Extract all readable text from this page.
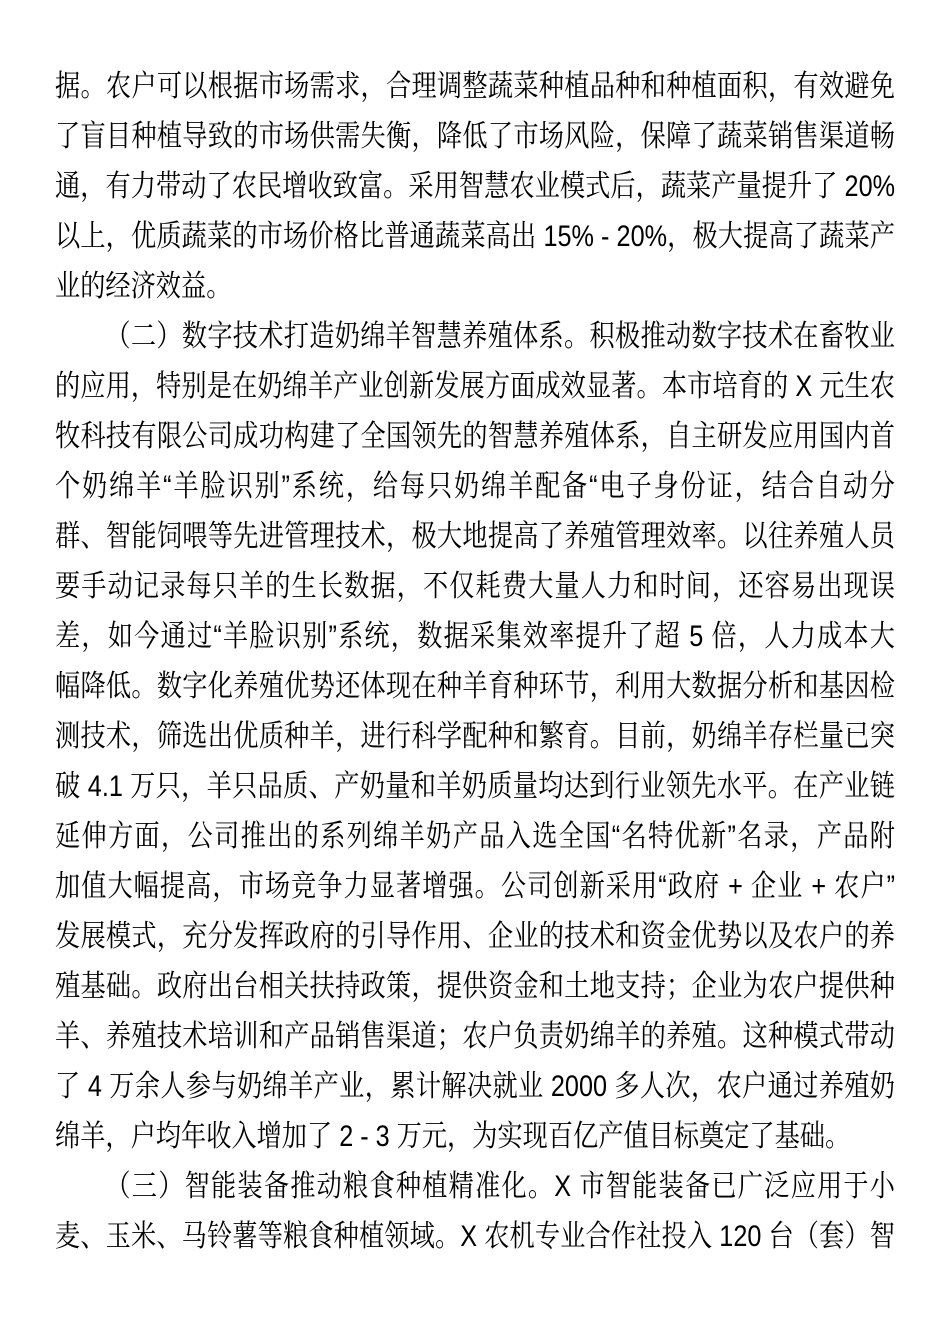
据。农户可以根据市场需求，合理调整蔬菜种植品种和种植面积，有效避免
了盲目种植导致的市场供需失衡，降低了市场风险，保障了蔬菜销售渠道畅
通，有力带动了农民增收致富。采用智慧农业模式后，蔬菜产量提升了 20%
以上，优质蔬菜的市场价格比普通蔬菜高出 15% - 20%，极大提高了蔬菜产
业的经济效益。
（二）数字技术打造奶绵羊智慧养殖体系。积极推动数字技术在畜牧业
的应用，特别是在奶绵羊产业创新发展方面成效显著。本市培育的 X 元生农
牧科技有限公司成功构建了全国领先的智慧养殖体系，自主研发应用国内首
个奶绵羊“羊脸识别”系统，给每只奶绵羊配备“电子身份证，结合自动分
群、智能饲喂等先进管理技术，极大地提高了养殖管理效率。以往养殖人员
要手动记录每只羊的生长数据，不仅耗费大量人力和时间，还容易出现误
差，如今通过“羊脸识别”系统，数据采集效率提升了超 5 倍，人力成本大
幅降低。数字化养殖优势还体现在种羊育种环节，利用大数据分析和基因检
测技术，筛选出优质种羊，进行科学配种和繁育。目前，奶绵羊存栏量已突
破 4.1 万只，羊只品质、产奶量和羊奶质量均达到行业领先水平。在产业链
延伸方面，公司推出的系列绵羊奶产品入选全国“名特优新”名录，产品附
加值大幅提高，市场竞争力显著增强。公司创新采用“政府 + 企业 + 农户”
发展模式，充分发挥政府的引导作用、企业的技术和资金优势以及农户的养
殖基础。政府出台相关扶持政策，提供资金和土地支持；企业为农户提供种
羊、养殖技术培训和产品销售渠道；农户负责奶绵羊的养殖。这种模式带动
了 4 万余人参与奶绵羊产业，累计解决就业 2000 多人次，农户通过养殖奶
绵羊，户均年收入增加了 2 - 3 万元，为实现百亿产值目标奠定了基础。
（三）智能装备推动粮食种植精准化。X 市智能装备已广泛应用于小
麦、玉米、马铃薯等粮食种植领域。X 农机专业合作社投入 120 台（套）智
